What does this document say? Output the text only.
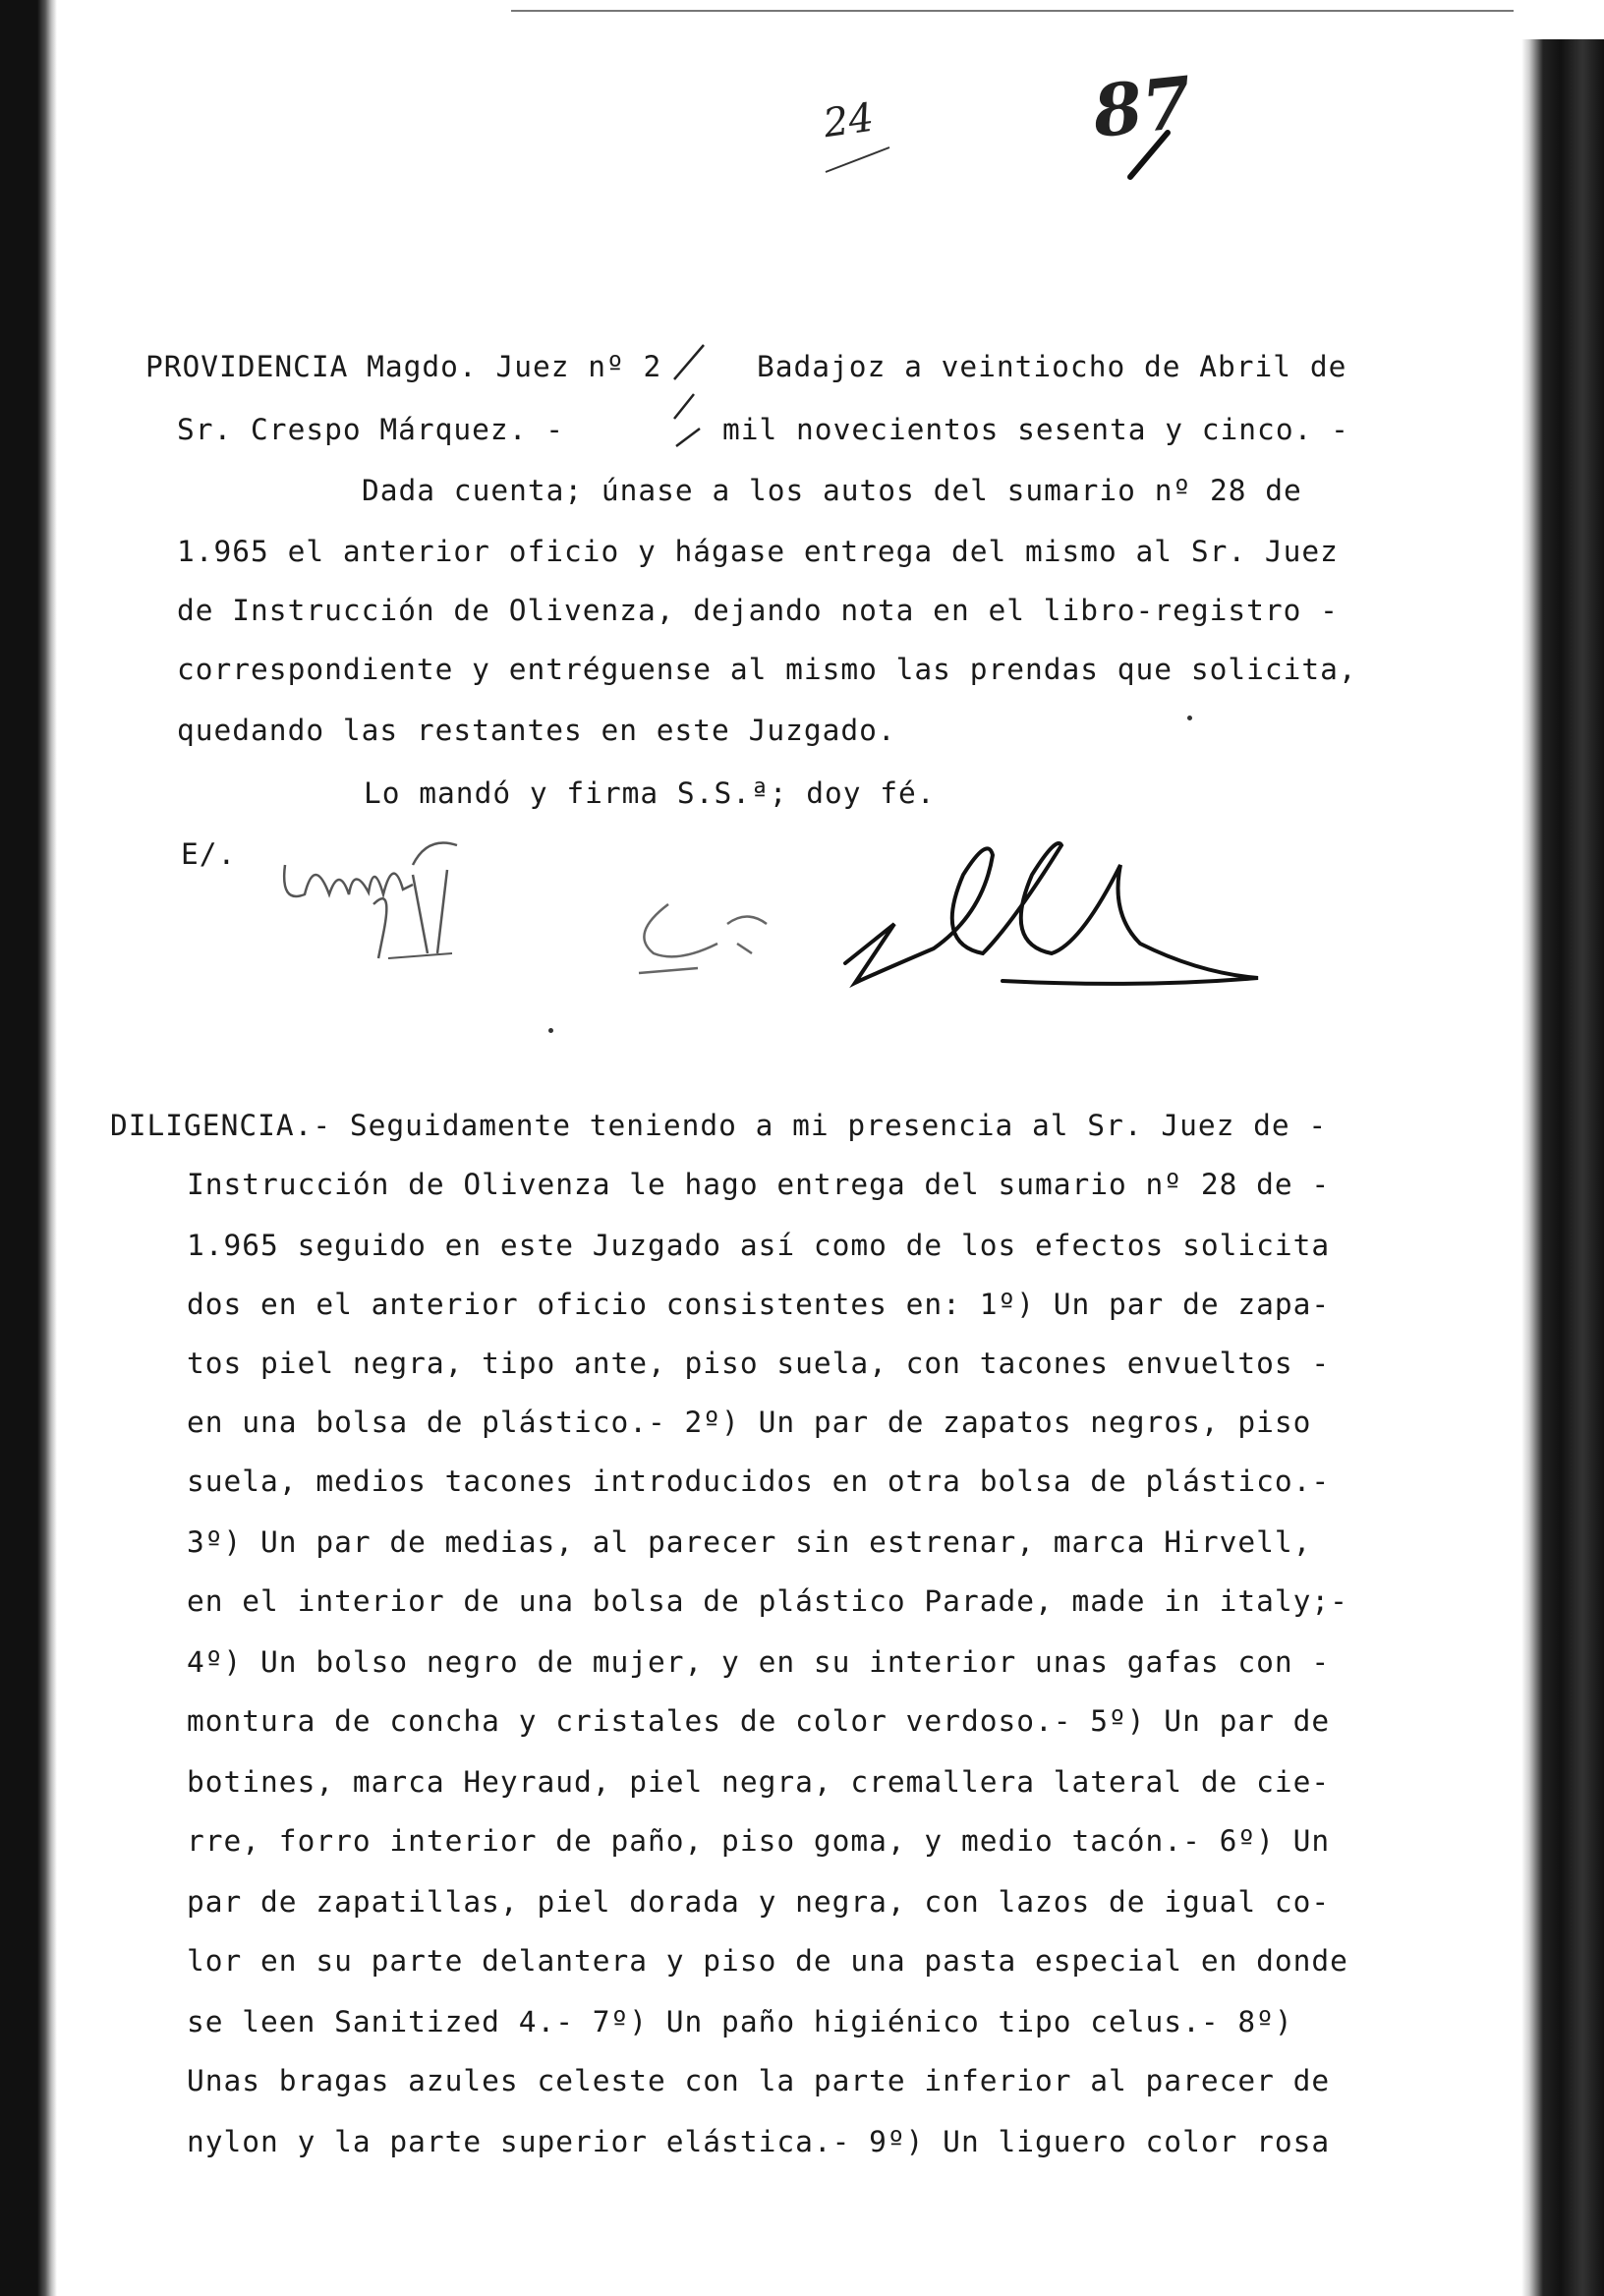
24	87
PROVIDENCIA Magdo. Juez nº 2
Sr. Crespo Márquez. -
Badajoz a veintiocho de Abril de
mil novecientos sesenta y cinco. -
Dada cuenta; únase a los autos del sumario nº 28 de
1.965 el anterior oficio y hágase entrega del mismo al Sr. Juez
de Instrucción de Olivenza, dejando nota en el libro-registro -
correspondiente y entréguense al mismo las prendas que solicita,
quedando las restantes en este Juzgado.
Lo mandó y firma S.S.ª; doy fé.
E/.
DILIGENCIA.- Seguidamente teniendo a mi presencia al Sr. Juez de -
Instrucción de Olivenza le hago entrega del sumario nº 28 de -
1.965 seguido en este Juzgado así como de los efectos solicita
dos en el anterior oficio consistentes en: 1º) Un par de zapa-
tos piel negra, tipo ante, piso suela, con tacones envueltos -
en una bolsa de plástico.- 2º) Un par de zapatos negros, piso
suela, medios tacones introducidos en otra bolsa de plástico.-
3º) Un par de medias, al parecer sin estrenar, marca Hirvell,
en el interior de una bolsa de plástico Parade, made in italy;-
4º) Un bolso negro de mujer, y en su interior unas gafas con -
montura de concha y cristales de color verdoso.- 5º) Un par de
botines, marca Heyraud, piel negra, cremallera lateral de cie-
rre, forro interior de paño, piso goma, y medio tacón.- 6º) Un
par de zapatillas, piel dorada y negra, con lazos de igual co-
lor en su parte delantera y piso de una pasta especial en donde
se leen Sanitized 4.- 7º) Un paño higiénico tipo celus.- 8º)
Unas bragas azules celeste con la parte inferior al parecer de
nylon y la parte superior elástica.- 9º) Un liguero color rosa
